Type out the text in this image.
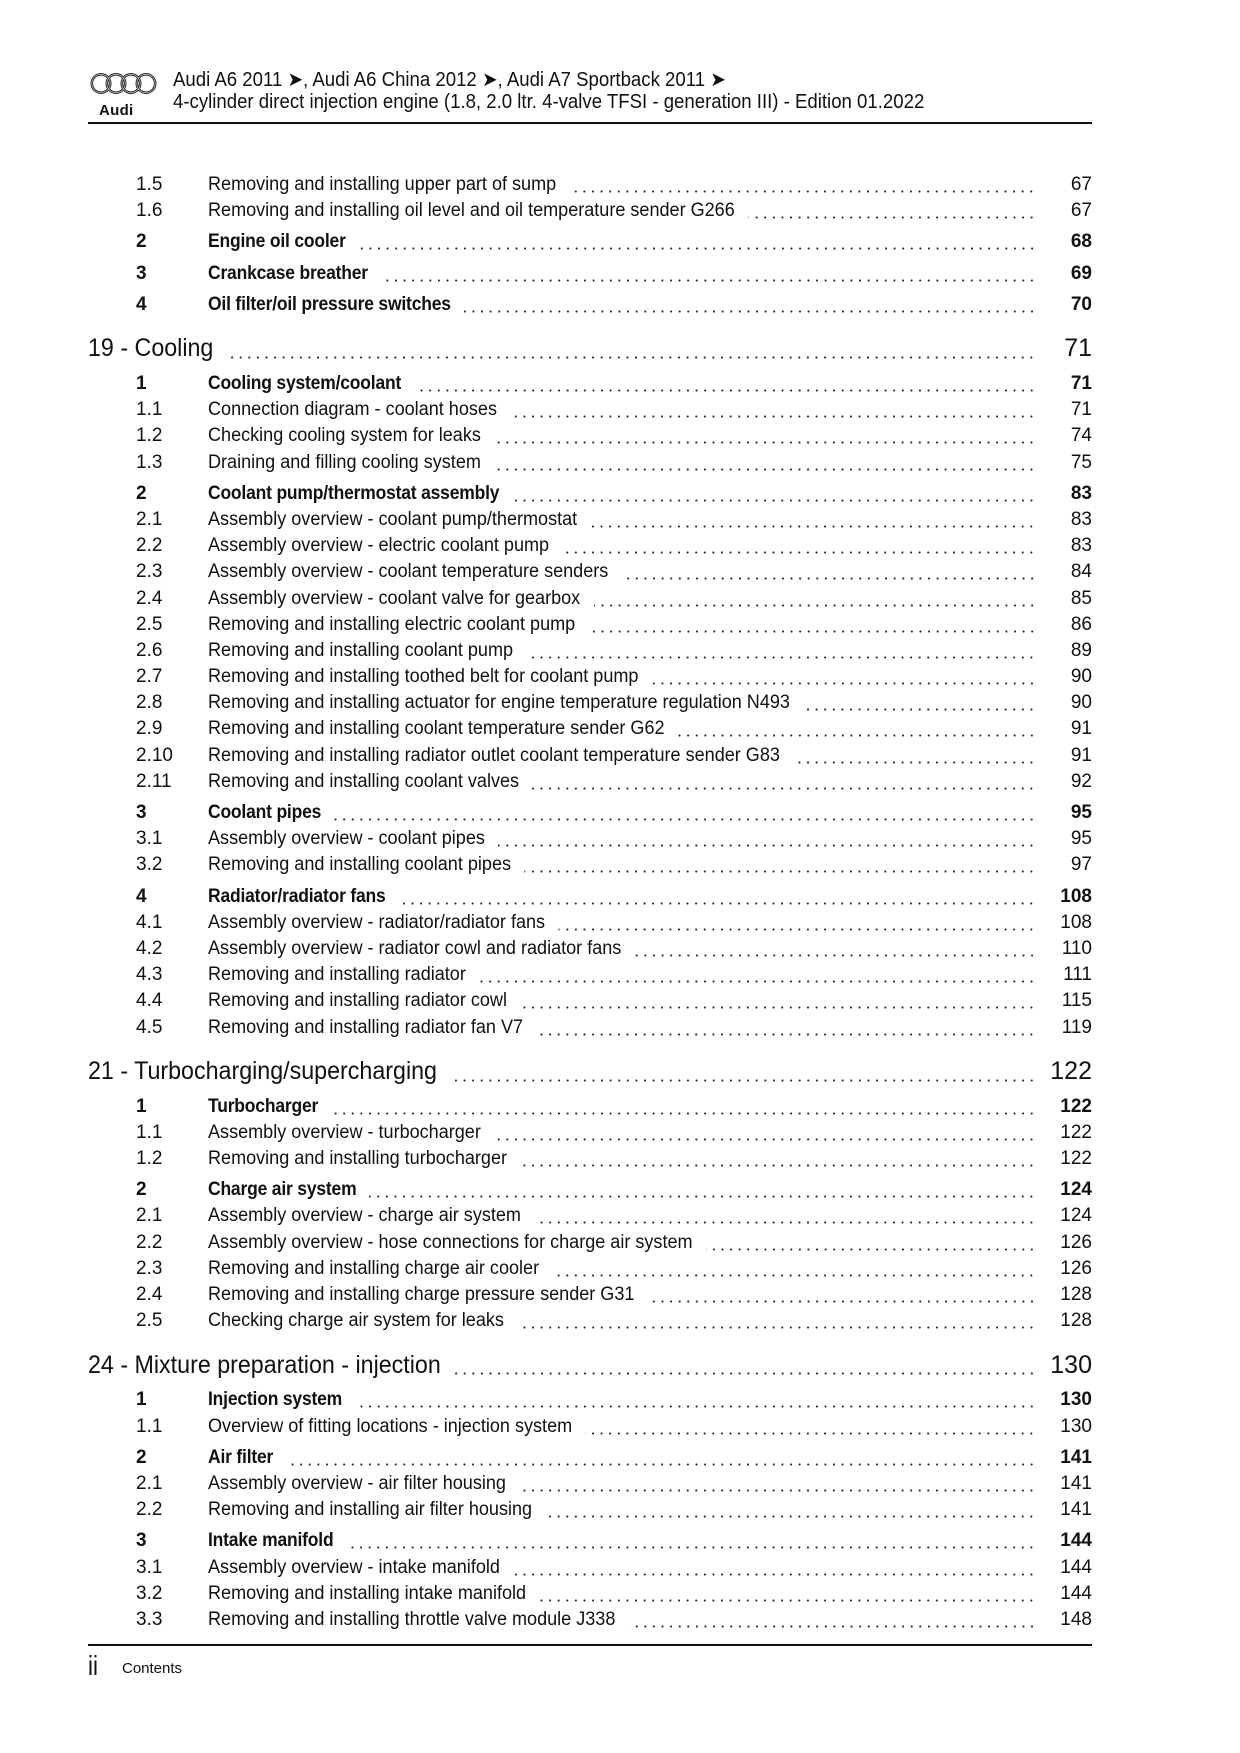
Audi
Audi A6 2011 ➤, Audi A6 China 2012 ➤, Audi A7 Sportback 2011 ➤
4-cylinder direct injection engine (1.8, 2.0 ltr. 4-valve TFSI - generation III) - Edition 01.2022
1.5 Removing and installing upper part of sump	67
1.6 Removing and installing oil level and oil temperature sender G266	67
2	Engine oil cooler	68
3	Crankcase breather	69
4	Oil filter/oil pressure switches	70
19 - Cooling	71
1	Cooling system/coolant	71
1.1 Connection diagram - coolant hoses	71
1.2 Checking cooling system for leaks	74
1.3 Draining and filling cooling system	75
2	Coolant pump/thermostat assembly	83
2.1 Assembly overview - coolant pump/thermostat	83
2.2 Assembly overview - electric coolant pump	83
2.3 Assembly overview - coolant temperature senders	84
2.4 Assembly overview - coolant valve for gearbox	85
2.5 Removing and installing electric coolant pump	86
2.6 Removing and installing coolant pump	89
2.7 Removing and installing toothed belt for coolant pump	90
2.8 Removing and installing actuator for engine temperature regulation N493	90
2.9 Removing and installing coolant temperature sender G62	91
2.10 Removing and installing radiator outlet coolant temperature sender G83	91
2.11 Removing and installing coolant valves	92
3	Coolant pipes	95
3.1 Assembly overview - coolant pipes	95
3.2 Removing and installing coolant pipes	97
4	Radiator/radiator fans	108
4.1 Assembly overview - radiator/radiator fans	108
4.2 Assembly overview - radiator cowl and radiator fans	110
4.3 Removing and installing radiator	111
4.4 Removing and installing radiator cowl	115
4.5 Removing and installing radiator fan V7	119
21 - Turbocharging/supercharging	122
1	Turbocharger	122
1.1 Assembly overview - turbocharger	122
1.2 Removing and installing turbocharger	122
2	Charge air system	124
2.1 Assembly overview - charge air system	124
2.2 Assembly overview - hose connections for charge air system	126
2.3 Removing and installing charge air cooler	126
2.4 Removing and installing charge pressure sender G31	128
2.5 Checking charge air system for leaks	128
24 - Mixture preparation - injection	130
1	Injection system	130
1.1 Overview of fitting locations - injection system	130
2	Air filter	141
2.1 Assembly overview - air filter housing	141
2.2 Removing and installing air filter housing	141
3	Intake manifold	144
3.1 Assembly overview - intake manifold	144
3.2 Removing and installing intake manifold	144
3.3 Removing and installing throttle valve module J338	148
ii Contents
